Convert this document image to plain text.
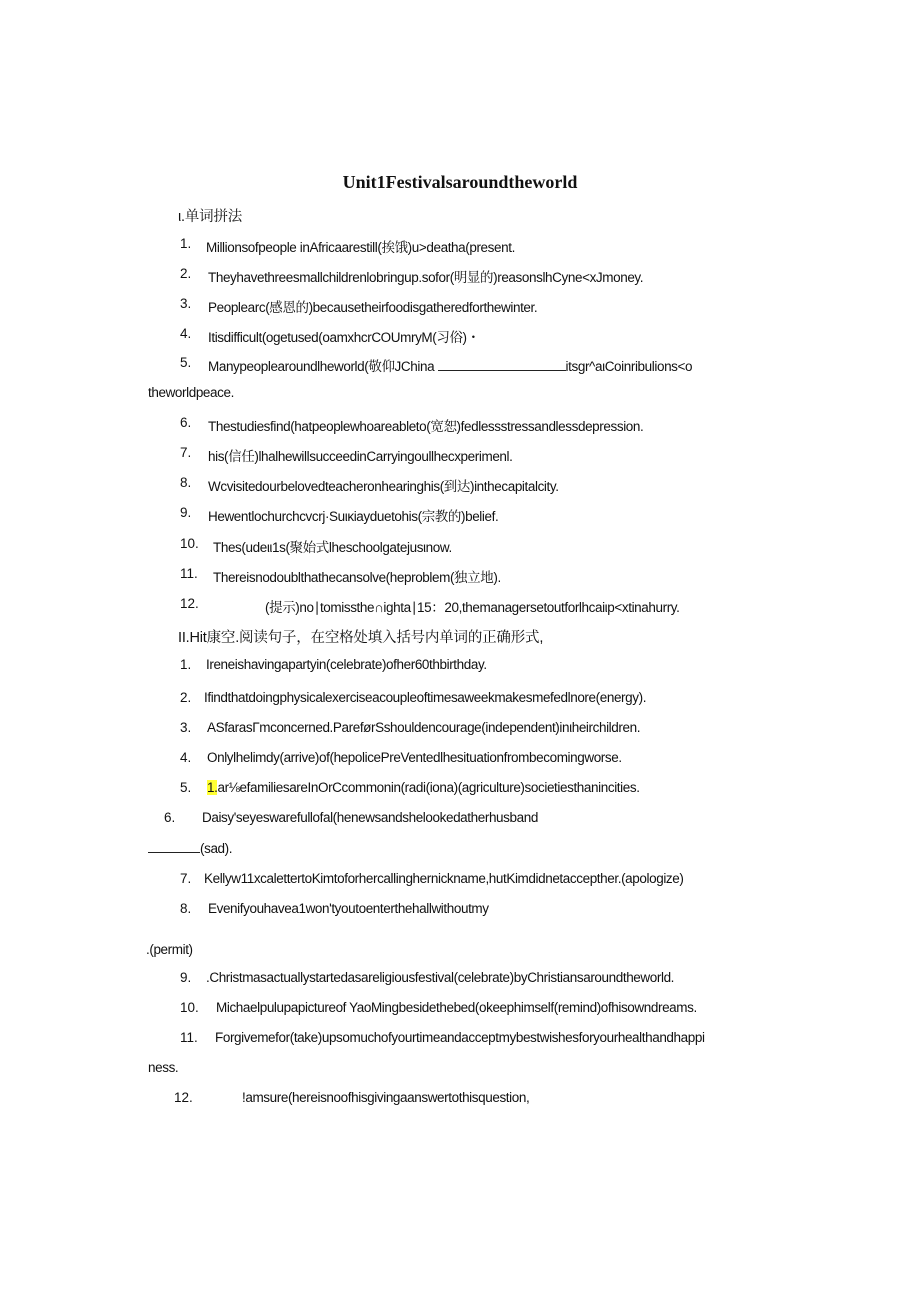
Unit1Festivalsaroundtheworld
ι.单词拼法
1. Millionsofpeople inAfricaarestill(挨饿)u>deatha(present.
2. Theyhavethreesmallchildrenlobringup.sofor(明显的)reasonslhCyne<xJmoney.
3. Peoplearc(感恩的)becausetheirfoodisgatheredforthewinter.
4. Itisdifficult(ogetused(oamxhcrCOUmryM(习俗)・
5. Manypeoplearoundlheworld(敬仰JChina	itsgr^aιCoinribulions<o
theworldpeace.
6. Thestudiesfind(hatpeoplewhoareableto(宽恕)fedlessstressandlessdepression.
7. his(信任)lhalhewillsucceedinCarryingoullhecxperimenl.
8. Wcvisitedourbelovedteacheronhearinghis(到达)inthecapitalcity.
9. Hewentlochurchcvcrj·Suικiayduetohis(宗教的)belief.
10. Thes(udeιι1s(聚始式lheschoolgatejusιnow.
11. Thereisnodoublthathecansolve(heproblem(独立地).
12.	(提示)no∣tomissthe∩ighta∣15：20,themanagersetoutforlhcaiιp<xtinahurry.
II.Hit康空.阅读句子，在空格处填入括号内单词的正确形式,
1. Ireneishavingapartyin(celebrate)ofher60thbirthday.
2. Ifindthatdoingphysicalexerciseacoupleoftimesaweekmakesmefedlnore(energy).
3. ASfarasΓmconcerned.PareførSshouldencourage(independent)inιheirchildren.
4. Onlylhelimdy(arrive)of(hepolicePreVentedlhesituationfrombecomingworse.
5. 1.ar⅛efamiliesareInOrCcommonin(radi(iona)(agriculture)societiesthanincities.
6. Daisy'seyeswarefullofal(henewsandshelookedatherhusband
(sad).
7. Kellyw11xcalettertoKimtoforhercallinghernickname,hutKimdidnetaccepther.(apologize)
8. Evenifyouhavea1won'tyoutoenterthehallwithoutmy
.(permit)
9. .Christmasactuallystartedasareligiousfestival(celebrate)byChristiansaroundtheworld.
10. Michaelpulupapictureof YaoMingbesidethebed(okeephimself(remind)ofhisowndreams.
11. Forgivemefor(take)upsomuchofyourtimeandacceptmybestwishesforyourhealthandhappi
ness.
12.	!amsure(hereisnoofhisgivingaanswertothisquestion,
